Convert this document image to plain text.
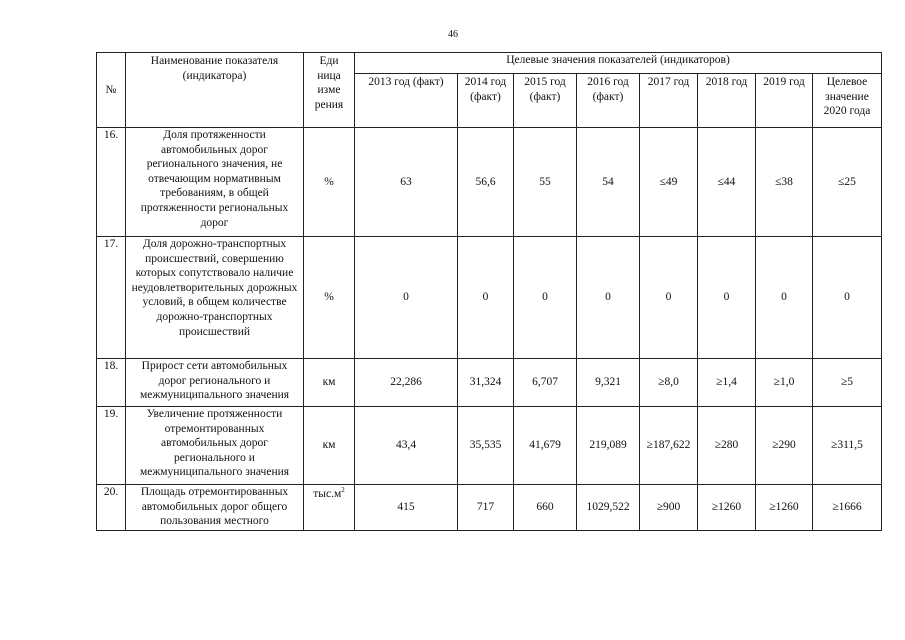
46
№	Наименование показателя (индикатора)	Еди ница изме рения	Целевые значения показателей (индикаторов)							
			2013 год (факт)	2014 год (факт)	2015 год (факт)	2016 год (факт)	2017 год	2018 год	2019 год	Целевое значение 2020 года
16.	Доля протяженности автомобильных дорог регионального значения, не отвечающим нормативным требованиям, в общей протяженности региональных дорог	%	63	56,6	55	54	≤49	≤44	≤38	≤25
17.	Доля дорожно-транспортных происшествий, совершению которых сопутствовало наличие неудовлетворительных дорожных условий, в общем количестве дорожно-транспортных происшествий	%	0	0	0	0	0	0	0	0
18.	Прирост сети автомобильных дорог регионального и межмуниципального значения	км	22,286	31,324	6,707	9,321	≥8,0	≥1,4	≥1,0	≥5
19.	Увеличение протяженности отремонтированных автомобильных дорог регионального и межмуниципального значения	км	43,4	35,535	41,679	219,089	≥187,622	≥280	≥290	≥311,5
20.	Площадь отремонтированных автомобильных дорог общего пользования местного	$тыс.м^2$	415	717	660	1029,522	≥900	≥1260	≥1260	≥1666
